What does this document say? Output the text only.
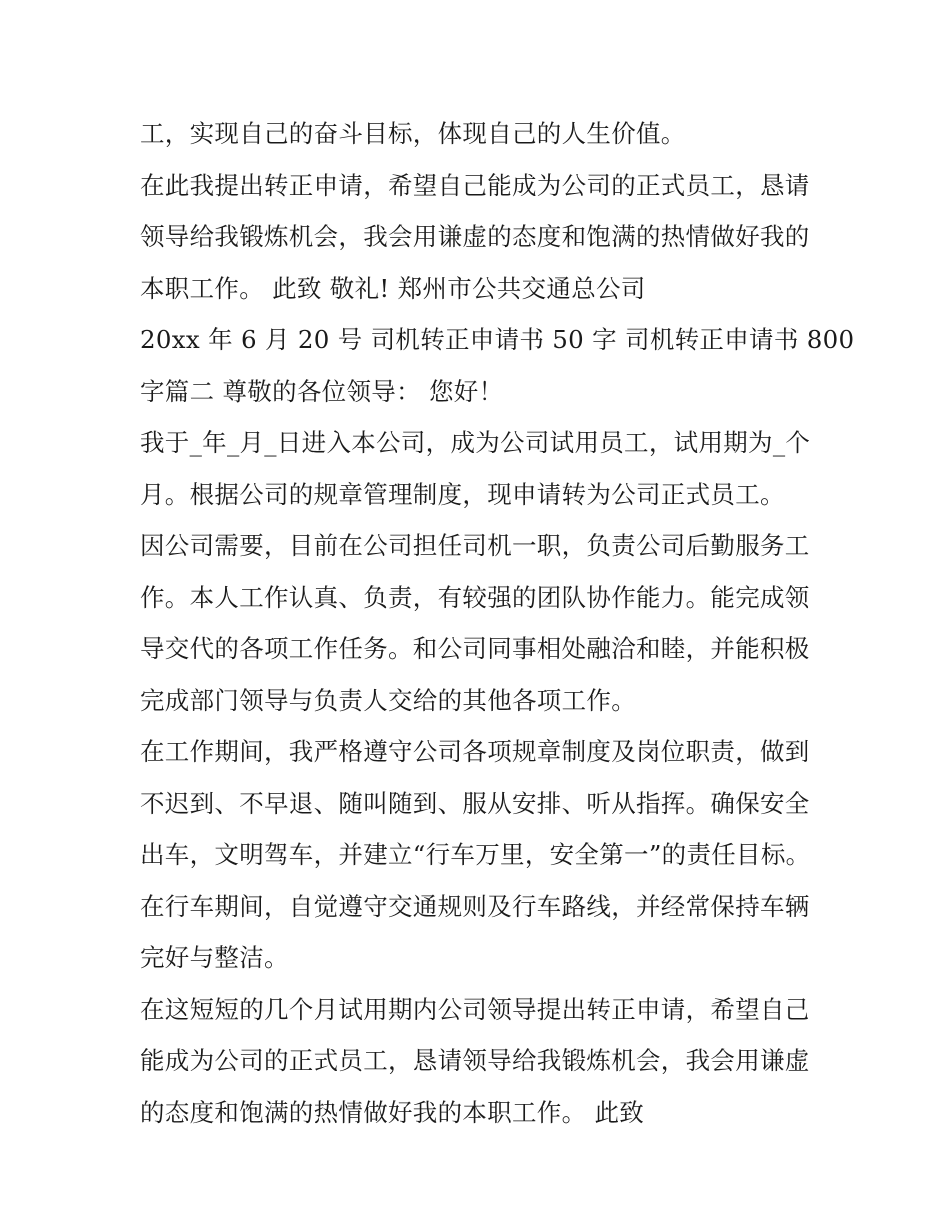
工，实现自己的奋斗目标，体现自己的人生价值。
在此我提出转正申请，希望自己能成为公司的正式员工，恳请
领导给我锻炼机会，我会用谦虚的态度和饱满的热情做好我的
本职工作。 此致 敬礼! 郑州市公共交通总公司
20xx 年 6 月 20 号 司机转正申请书 50 字 司机转正申请书 800
字篇二 尊敬的各位领导： 您好！
我于_年_月_日进入本公司，成为公司试用员工，试用期为_个
月。根据公司的规章管理制度，现申请转为公司正式员工。
因公司需要，目前在公司担任司机一职，负责公司后勤服务工
作。本人工作认真、负责，有较强的团队协作能力。能完成领
导交代的各项工作任务。和公司同事相处融洽和睦，并能积极
完成部门领导与负责人交给的其他各项工作。
在工作期间，我严格遵守公司各项规章制度及岗位职责，做到
不迟到、不早退、随叫随到、服从安排、听从指挥。确保安全
出车，文明驾车，并建立“行车万里，安全第一”的责任目标。
在行车期间，自觉遵守交通规则及行车路线，并经常保持车辆
完好与整洁。
在这短短的几个月试用期内公司领导提出转正申请，希望自己
能成为公司的正式员工，恳请领导给我锻炼机会，我会用谦虚
的态度和饱满的热情做好我的本职工作。 此致
